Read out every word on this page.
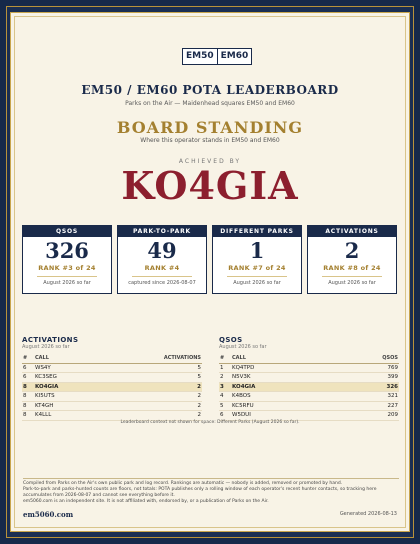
EM50 EM60
EM50 / EM60 POTA LEADERBOARD
Parks on the Air — Maidenhead squares EM50 and EM60
BOARD STANDING
Where this operator stands in EM50 and EM60
ACHIEVED BY
KO4GIA
QSOS
326
RANK #3 of 24
August 2026 so far
PARK-TO-PARK
49
RANK #4
captured since 2026-08-07
DIFFERENT PARKS
1
RANK #7 of 24
August 2026 so far
ACTIVATIONS
2
RANK #8 of 24
August 2026 so far
ACTIVATIONS
August 2026 so far
#	CALL	ACTIVATIONS
6	WS4Y	5
6	KC3SEG	5
8	KO4GIA	2
8	KI5UTS	2
8	KT4GH	2
8	K4LLL	2
QSOS
August 2026 so far
#	CALL	QSOS
1	KQ4TPD	769
2	N5V3K	399
3	KO4GIA	326
4	K4BOS	321
5	KC5RFU	227
6	W5DUI	209
Leaderboard context not shown for space: Different Parks (August 2026 so far).
Compiled from Parks on the Air's own public park and log record. Rankings are automatic — nobody is added, removed or promoted by hand.
Park-to-park and parks-hunted counts are floors, not totals: POTA publishes only a rolling window of each operator's recent hunter contacts, so tracking here accumulates from 2026-08-07 and cannot see everything before it.
em5060.com is an independent site. It is not affiliated with, endorsed by, or a publication of Parks on the Air.
em5060.com	Generated 2026-08-13
